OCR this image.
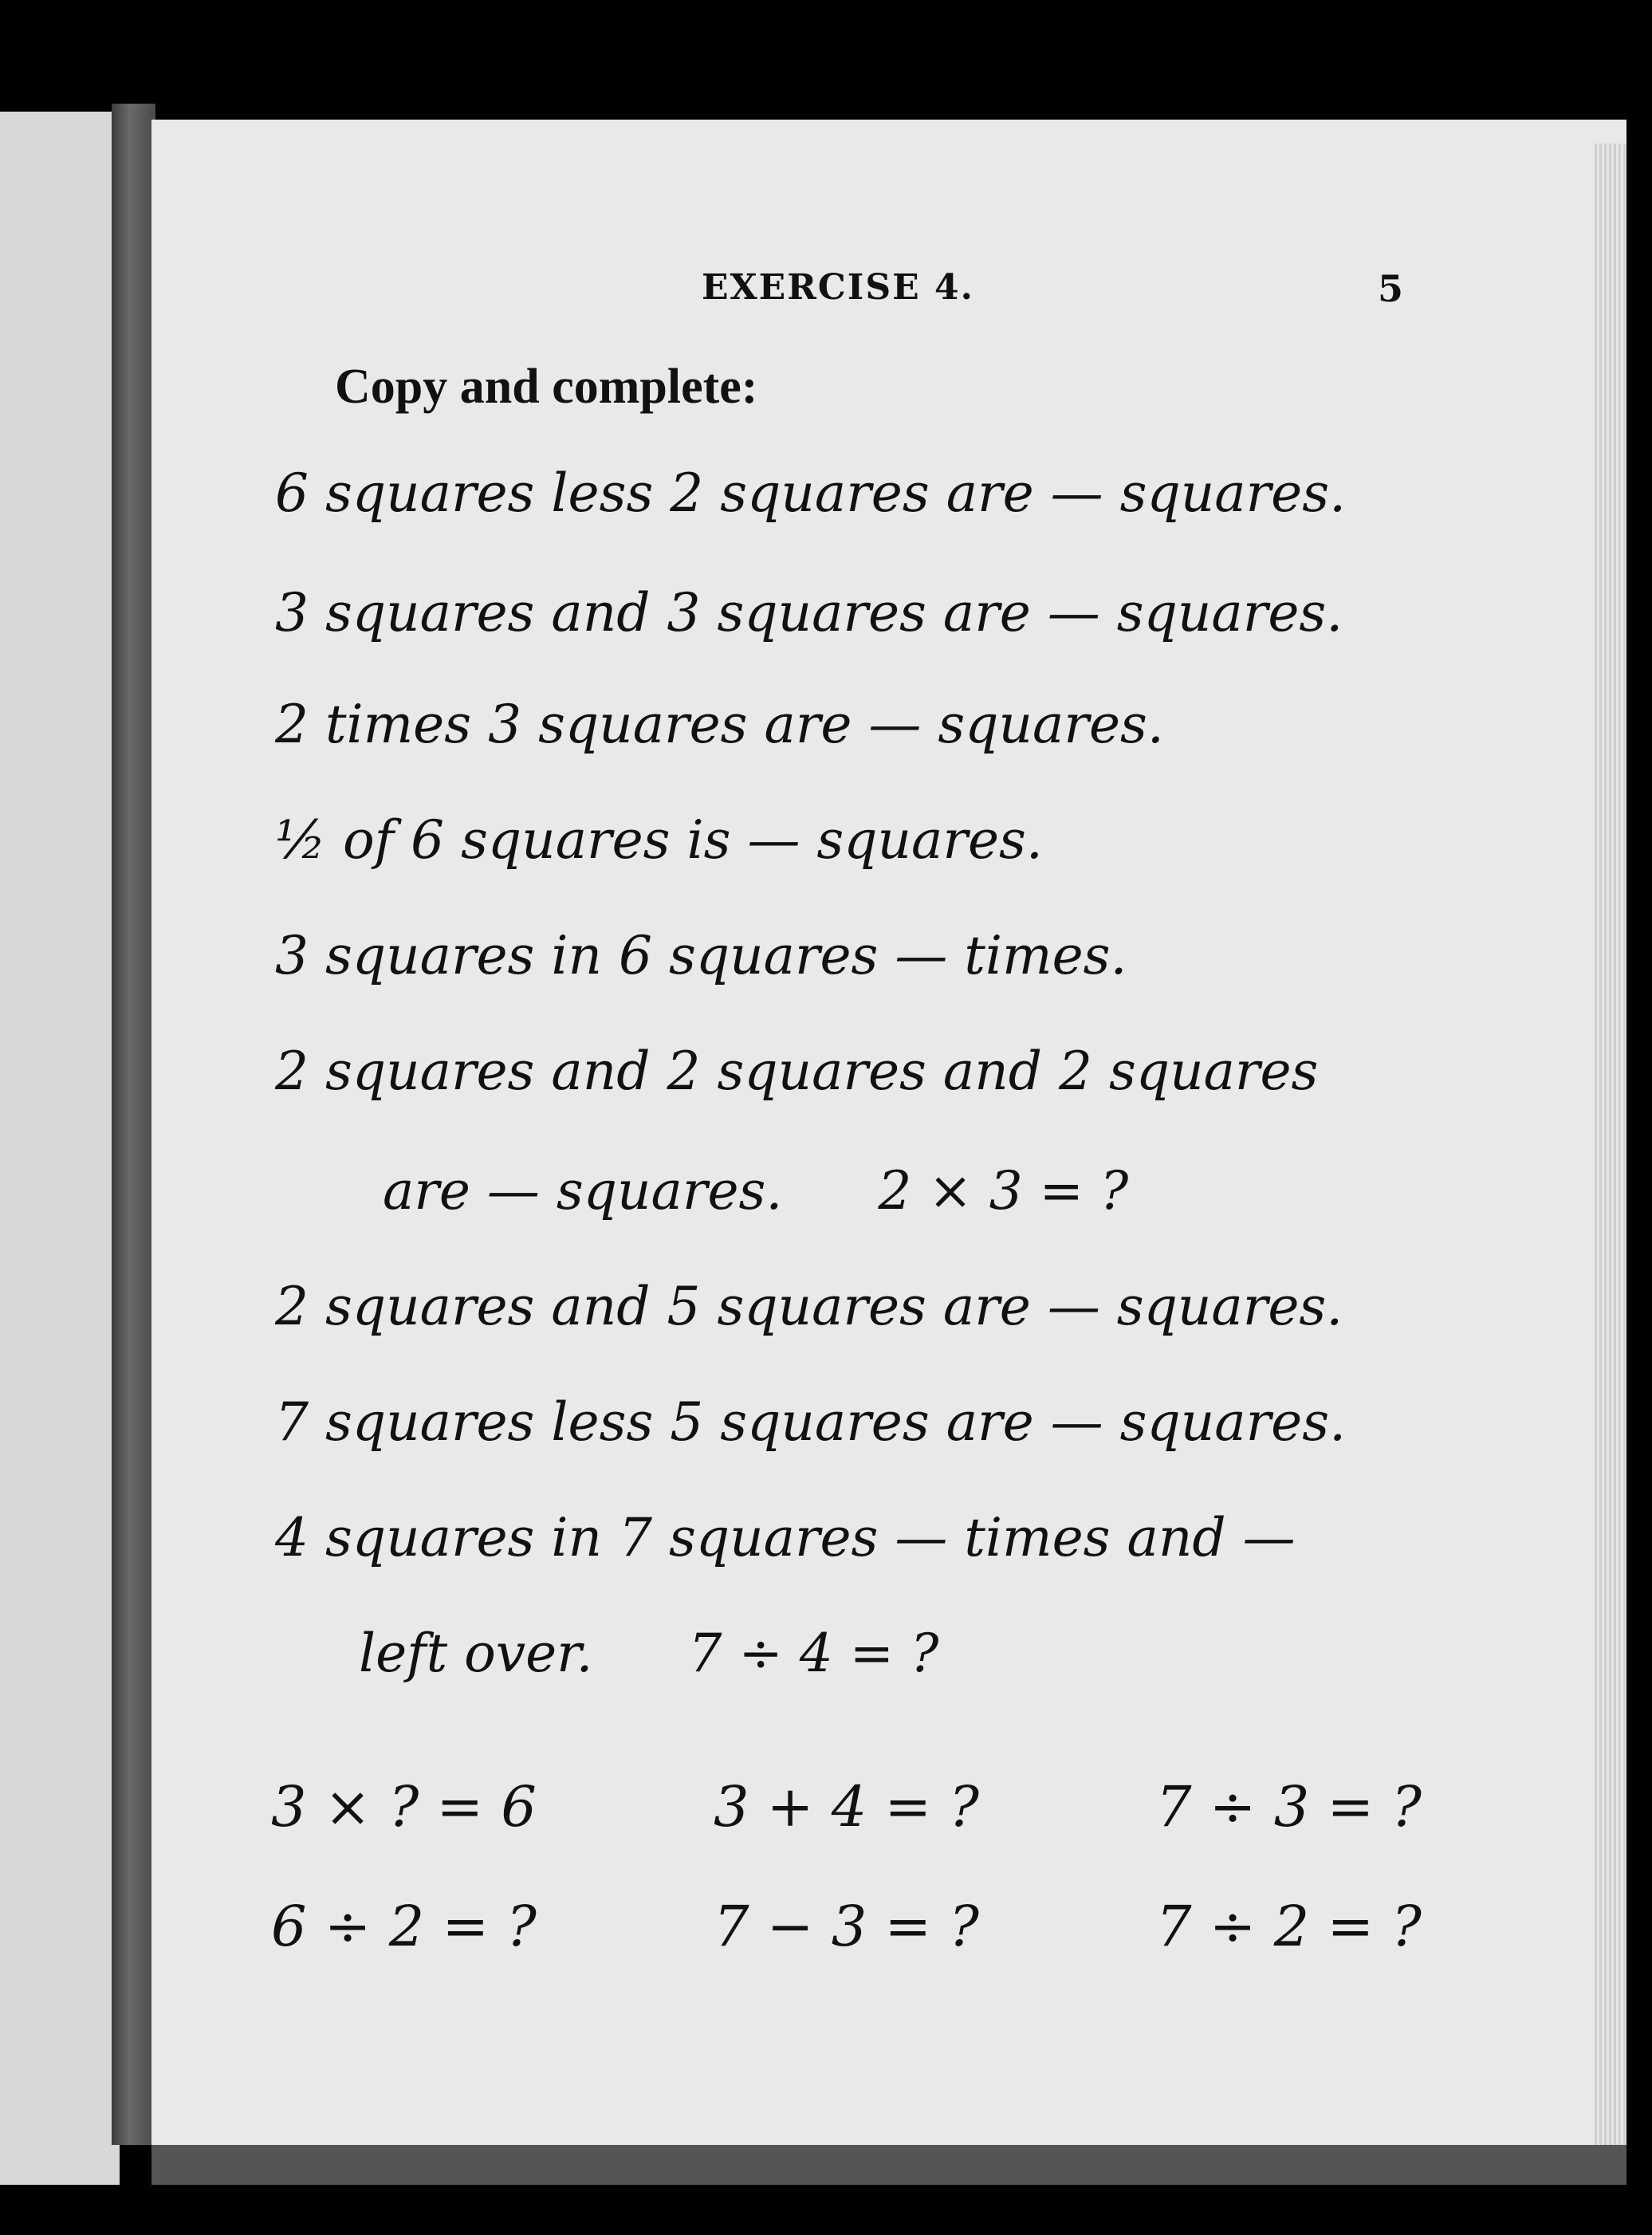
EXERCISE 4.	5
Copy and complete:
6 squares less 2 squares are — squares.
3 squares and 3 squares are — squares.
2 times 3 squares are — squares.
½ of 6 squares is — squares.
3 squares in 6 squares — times.
2 squares and 2 squares and 2 squares
are — squares. 2 × 3 = ?
2 squares and 5 squares are — squares.
7 squares less 5 squares are — squares.
4 squares in 7 squares — times and —
left over. 7 ÷ 4 = ?
3 × ? = 6	3 + 4 = ?	7 ÷ 3 = ?
6 ÷ 2 = ?	7 − 3 = ?	7 ÷ 2 = ?
